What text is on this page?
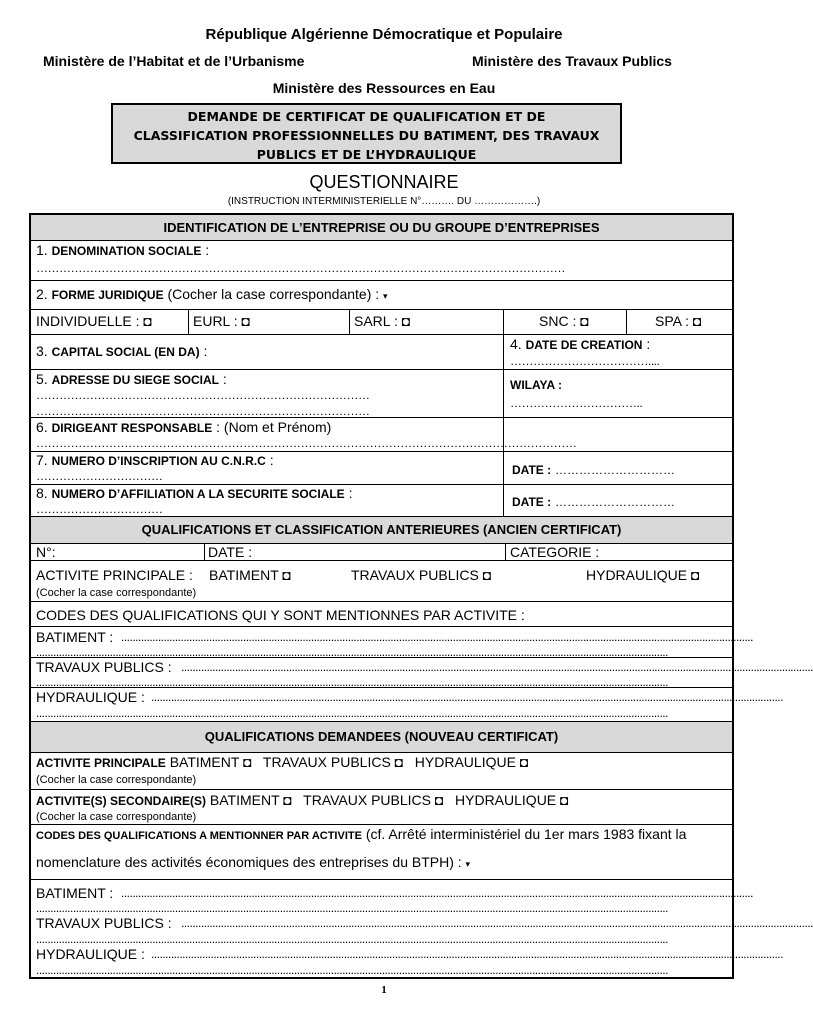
République Algérienne Démocratique et Populaire
Ministère de l’Habitat et de l’Urbanisme	Ministère des Travaux Publics
Ministère des Ressources en Eau
DEMANDE DE CERTIFICAT DE QUALIFICATION ET DE
CLASSIFICATION PROFESSIONNELLES DU BATIMENT, DES TRAVAUX
PUBLICS ET DE L’HYDRAULIQUE
QUESTIONNAIRE
(INSTRUCTION INTERMINISTERIELLE N°………. DU ……………….)
IDENTIFICATION DE L’ENTREPRISE OU DU GROUPE D’ENTREPRISES
1. DENOMINATION SOCIALE :
…………………………………………………………………………………………………………………………
2. FORME JURIDIQUE (Cocher la case correspondante) : ▾
INDIVIDUELLE : ◘	EURL : ◘	SARL : ◘	SNC : ◘	SPA : ◘
3. CAPITAL SOCIAL (EN DA) :	4. DATE DE CREATION :
………………………………....
5. ADRESSE DU SIEGE SOCIAL :
……………………………………………………………………………
……………………………………………………………………………
WILAYA :
……………………………..
6. DIRIGEANT RESPONSABLE : (Nom et Prénom)
……………………………………………………………………………………………………………………………
7. NUMERO D’INSCRIPTION AU C.N.R.C :
……………………………	DATE : …………………………
8. NUMERO D’AFFILIATION A LA SECURITE SOCIALE :
……………………………	DATE : …………………………
QUALIFICATIONS ET CLASSIFICATION ANTERIEURES (ANCIEN CERTIFICAT)
N°:	DATE :	CATEGORIE :
ACTIVITE PRINCIPALE : BATIMENT ◘	TRAVAUX PUBLICS ◘	HYDRAULIQUE ◘
(Cocher la case correspondante)
CODES DES QUALIFICATIONS QUI Y SONT MENTIONNES PAR ACTIVITE :
BATIMENT : ...............................................................................................................................................................................................................................
...............................................................................................................................................................................................................................
TRAVAUX PUBLICS : ...............................................................................................................................................................................................................................
...............................................................................................................................................................................................................................
HYDRAULIQUE : ...............................................................................................................................................................................................................................
...............................................................................................................................................................................................................................
QUALIFICATIONS DEMANDEES (NOUVEAU CERTIFICAT)
ACTIVITE PRINCIPALE BATIMENT ◘   TRAVAUX PUBLICS ◘   HYDRAULIQUE ◘
(Cocher la case correspondante)
ACTIVITE(S) SECONDAIRE(S) BATIMENT ◘   TRAVAUX PUBLICS ◘   HYDRAULIQUE ◘
(Cocher la case correspondante)
CODES DES QUALIFICATIONS A MENTIONNER PAR ACTIVITE (cf. Arrêté interministériel du 1er mars 1983 fixant la
nomenclature des activités économiques des entreprises du BTPH) : ▾
BATIMENT : ...............................................................................................................................................................................................................................
...............................................................................................................................................................................................................................
TRAVAUX PUBLICS : ...............................................................................................................................................................................................................................
...............................................................................................................................................................................................................................
HYDRAULIQUE : ...............................................................................................................................................................................................................................
...............................................................................................................................................................................................................................
1
